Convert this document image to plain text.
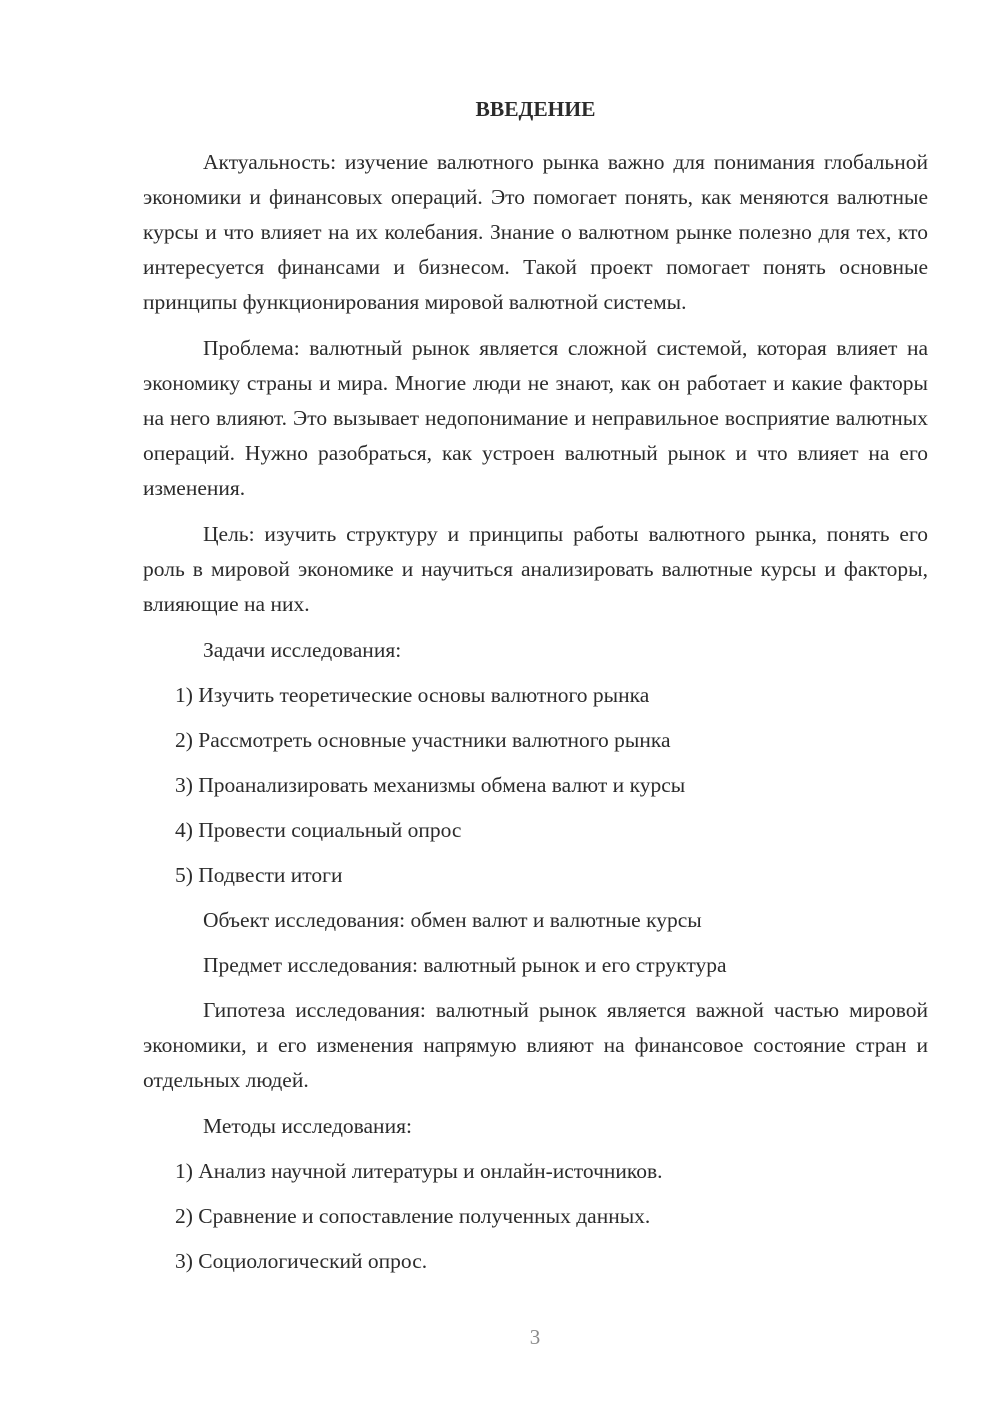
ВВЕДЕНИЕ

Актуальность: изучение валютного рынка важно для понимания глобальной экономики и финансовых операций. Это помогает понять, как меняются валютные курсы и что влияет на их колебания. Знание о валютном рынке полезно для тех, кто интересуется финансами и бизнесом. Такой проект помогает понять основные принципы функционирования мировой валютной системы.

Проблема: валютный рынок является сложной системой, которая влияет на экономику страны и мира. Многие люди не знают, как он работает и какие факторы на него влияют. Это вызывает недопонимание и неправильное восприятие валютных операций. Нужно разобраться, как устроен валютный рынок и что влияет на его изменения.

Цель: изучить структуру и принципы работы валютного рынка, понять его роль в мировой экономике и научиться анализировать валютные курсы и факторы, влияющие на них.

Задачи исследования:
1) Изучить теоретические основы валютного рынка
2) Рассмотреть основные участники валютного рынка
3) Проанализировать механизмы обмена валют и курсы
4) Провести социальный опрос
5) Подвести итоги
Объект исследования: обмен валют и валютные курсы
Предмет исследования: валютный рынок и его структура

Гипотеза исследования: валютный рынок является важной частью мировой экономики, и его изменения напрямую влияют на финансовое состояние стран и отдельных людей.

Методы исследования:
1) Анализ научной литературы и онлайн-источников.
2) Сравнение и сопоставление полученных данных.
3) Социологический опрос.
3
